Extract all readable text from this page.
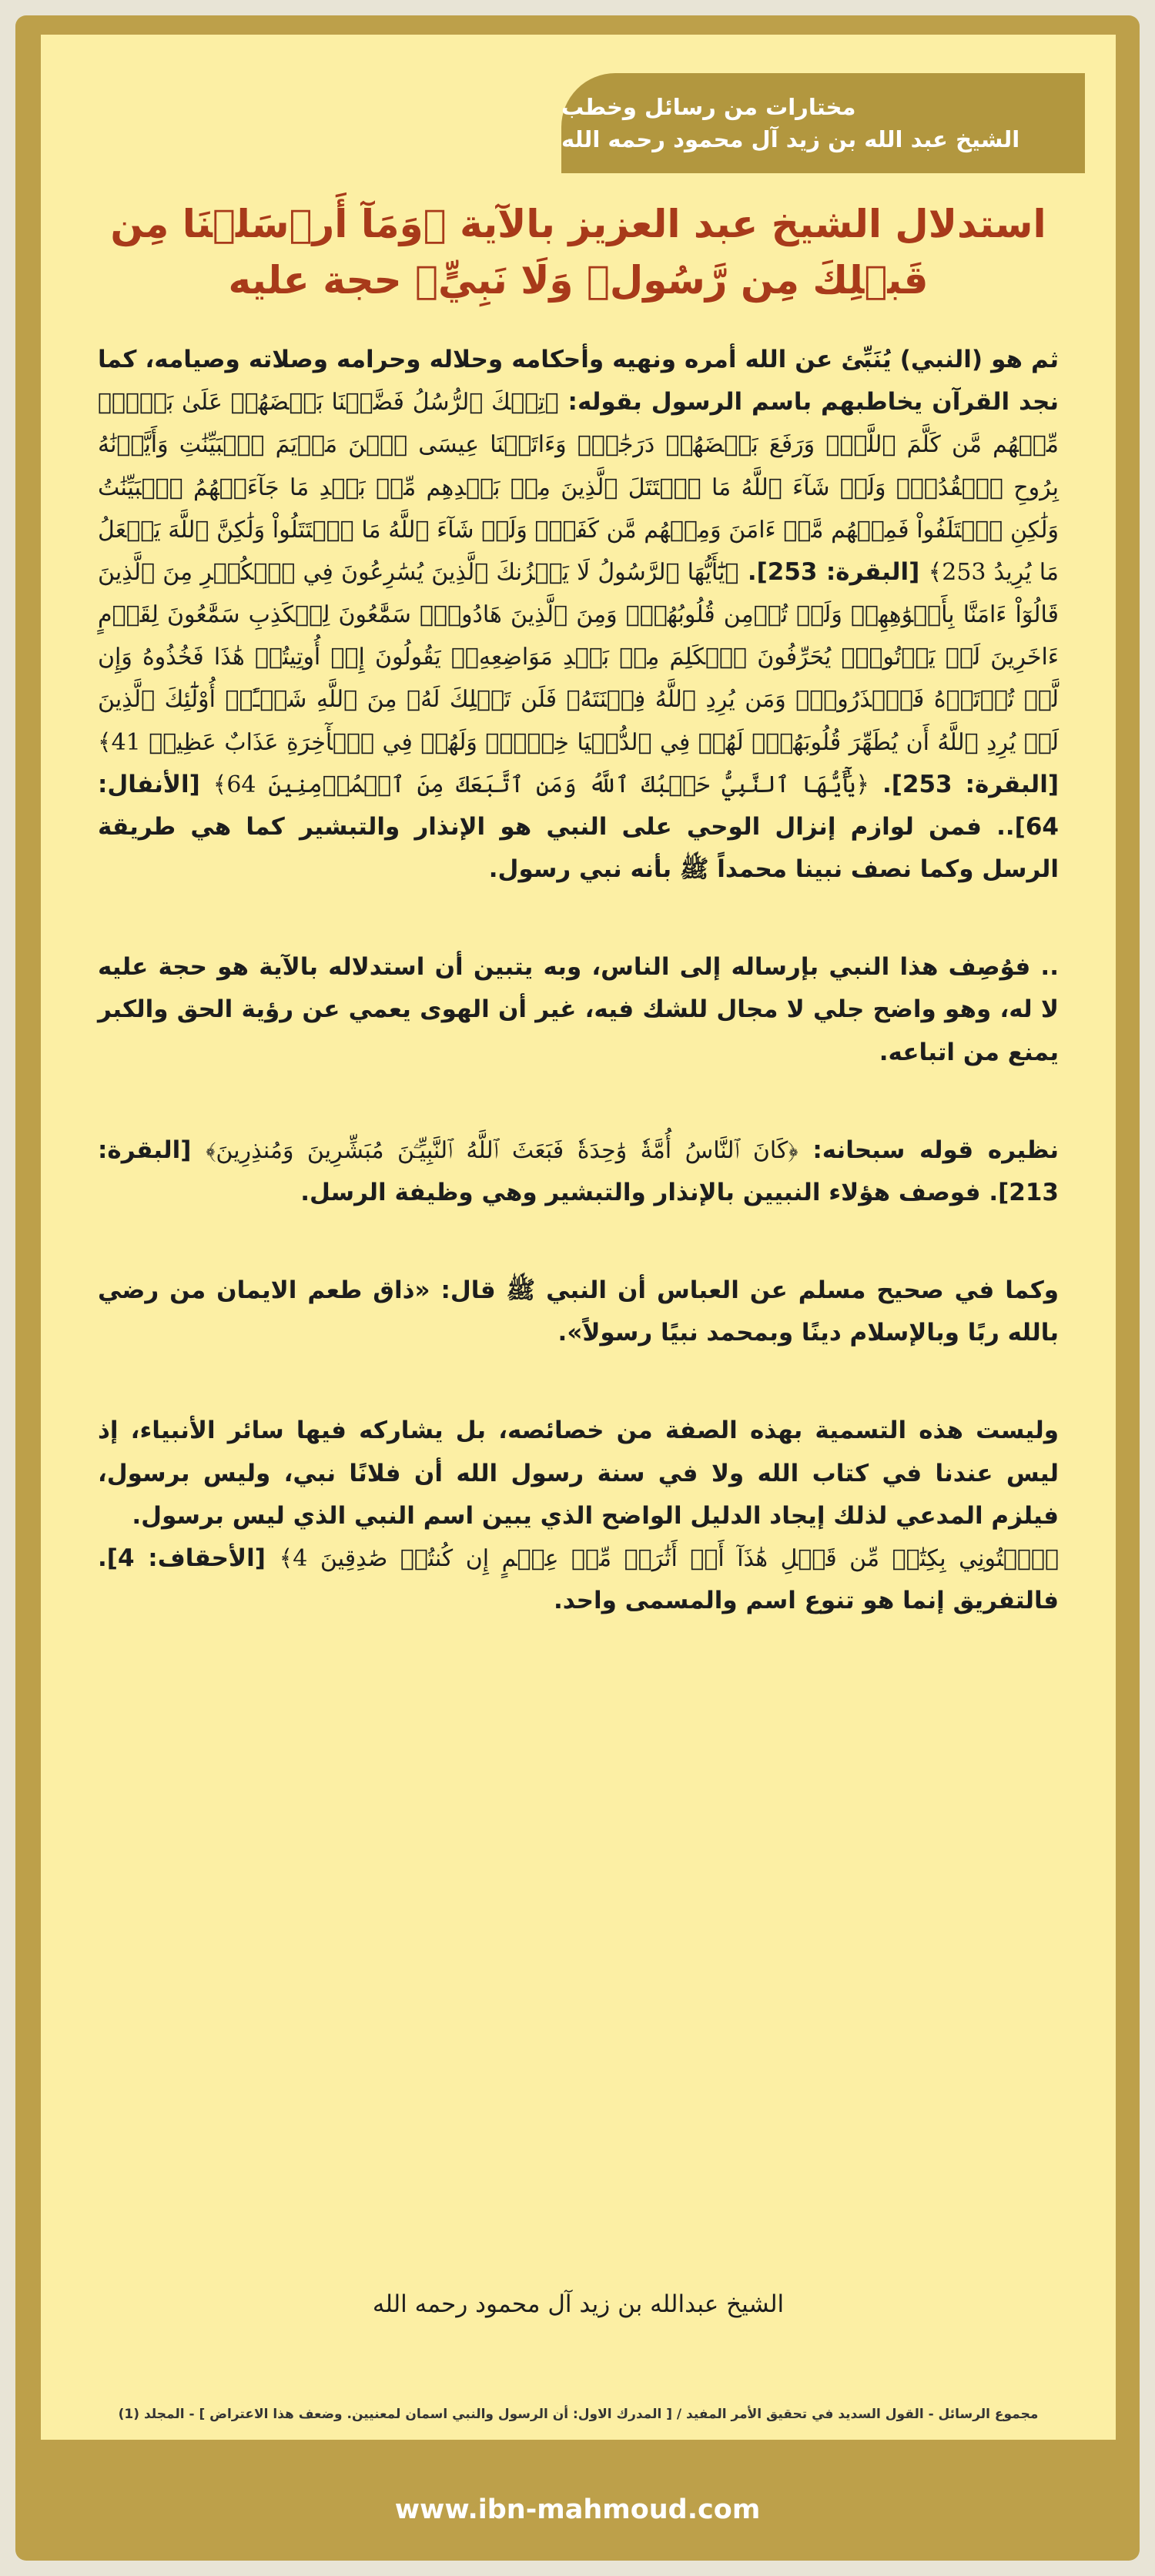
مختارات من رسائل وخطب
الشيخ عبد الله بن زيد آل محمود رحمه الله
استدلال الشيخ عبد العزيز بالآية ﴿وَمَآ أَرۡسَلۡنَا مِن قَبۡلِكَ مِن رَّسُولٖ وَلَا نَبِيٍّ﴾ حجة عليه

ثم هو (النبي) يُنَبِّئ عن الله أمره ونهيه وأحكامه وحلاله وحرامه وصلاته وصيامه، كما نجد القرآن يخاطبهم باسم الرسول بقوله: ﴿تِلۡكَ ٱلرُّسُلُ فَضَّلۡنَا بَعۡضَهُمۡ عَلَىٰ بَعۡضٖۘ مِّنۡهُم مَّن كَلَّمَ ٱللَّهُۖ وَرَفَعَ بَعۡضَهُمۡ دَرَجَٰتٖۚ وَءَاتَيۡنَا عِيسَى ٱبۡنَ مَرۡيَمَ ٱلۡبَيِّنَٰتِ وَأَيَّدۡنَٰهُ بِرُوحِ ٱلۡقُدُسِۗ وَلَوۡ شَآءَ ٱللَّهُ مَا ٱقۡتَتَلَ ٱلَّذِينَ مِنۢ بَعۡدِهِم مِّنۢ بَعۡدِ مَا جَآءَتۡهُمُ ٱلۡبَيِّنَٰتُ وَلَٰكِنِ ٱخۡتَلَفُواْ فَمِنۡهُم مَّنۡ ءَامَنَ وَمِنۡهُم مَّن كَفَرَۚ وَلَوۡ شَآءَ ٱللَّهُ مَا ٱقۡتَتَلُواْ وَلَٰكِنَّ ٱللَّهَ يَفۡعَلُ مَا يُرِيدُ 253﴾ [البقرة: 253]. ﴿يَٰٓأَيُّهَا ٱلرَّسُولُ لَا يَحۡزُنكَ ٱلَّذِينَ يُسَٰرِعُونَ فِي ٱلۡكُفۡرِ مِنَ ٱلَّذِينَ قَالُوٓاْ ءَامَنَّا بِأَفۡوَٰهِهِمۡ وَلَمۡ تُؤۡمِن قُلُوبُهُمۡۛ وَمِنَ ٱلَّذِينَ هَادُواْۛ سَمَّٰعُونَ لِلۡكَذِبِ سَمَّٰعُونَ لِقَوۡمٍ ءَاخَرِينَ لَمۡ يَأۡتُوكَۖ يُحَرِّفُونَ ٱلۡكَلِمَ مِنۢ بَعۡدِ مَوَاضِعِهِۦۖ يَقُولُونَ إِنۡ أُوتِيتُمۡ هَٰذَا فَخُذُوهُ وَإِن لَّمۡ تُؤۡتَوۡهُ فَٱحۡذَرُواْۚ وَمَن يُرِدِ ٱللَّهُ فِتۡنَتَهُۥ فَلَن تَمۡلِكَ لَهُۥ مِنَ ٱللَّهِ شَيۡـًٔاۚ أُوْلَٰٓئِكَ ٱلَّذِينَ لَمۡ يُرِدِ ٱللَّهُ أَن يُطَهِّرَ قُلُوبَهُمۡۚ لَهُمۡ فِي ٱلدُّنۡيَا خِزۡيٞۖ وَلَهُمۡ فِي ٱلۡأٓخِرَةِ عَذَابٌ عَظِيمٞ 41﴾ [البقرة: 253]. ﴿يَٰٓأَيُّهَا ٱلنَّبِيُّ حَسۡبُكَ ٱللَّهُ وَمَنِ ٱتَّبَعَكَ مِنَ ٱلۡمُؤۡمِنِينَ 64﴾ [الأنفال: 64].. فمن لوازم إنزال الوحي على النبي هو الإنذار والتبشير كما هي طريقة الرسل وكما نصف نبينا محمداً ﷺ بأنه نبي رسول.

.. فوُصِف هذا النبي بإرساله إلى الناس، وبه يتبين أن استدلاله بالآية هو حجة عليه لا له، وهو واضح جلي لا مجال للشك فيه، غير أن الهوى يعمي عن رؤية الحق والكبر يمنع من اتباعه.

نظيره قوله سبحانه: ﴿كَانَ ٱلنَّاسُ أُمَّةٗ وَٰحِدَةٗ فَبَعَثَ ٱللَّهُ ٱلنَّبِيِّـۧنَ مُبَشِّرِينَ وَمُنذِرِينَ﴾ [البقرة: 213]. فوصف هؤلاء النبيين بالإنذار والتبشير وهي وظيفة الرسل.

وكما في صحيح مسلم عن العباس أن النبي ﷺ قال: «ذاق طعم الايمان من رضي بالله ربًا وبالإسلام دينًا وبمحمد نبيًا رسولاً».

وليست هذه التسمية بهذه الصفة من خصائصه، بل يشاركه فيها سائر الأنبياء، إذ ليس عندنا في كتاب الله ولا في سنة رسول الله أن فلانًا نبي، وليس برسول، فيلزم المدعي لذلك إيجاد الدليل الواضح الذي يبين اسم النبي الذي ليس برسول.
﴿ٱئۡتُونِي بِكِتَٰبٖ مِّن قَبۡلِ هَٰذَآ أَوۡ أَثَٰرَةٖ مِّنۡ عِلۡمٍ إِن كُنتُمۡ صَٰدِقِينَ 4﴾ [الأحقاف: 4]. فالتفريق إنما هو تنوع اسم والمسمى واحد.

الشيخ عبدالله بن زيد آل محمود رحمه الله
مجموع الرسائل - القول السديد في تحقيق الأمر المفيد / [ المدرك الاول: أن الرسول والنبي اسمان لمعنيين. وضعف هذا الاعتراض ] - المجلد (1)
www.ibn-mahmoud.com
